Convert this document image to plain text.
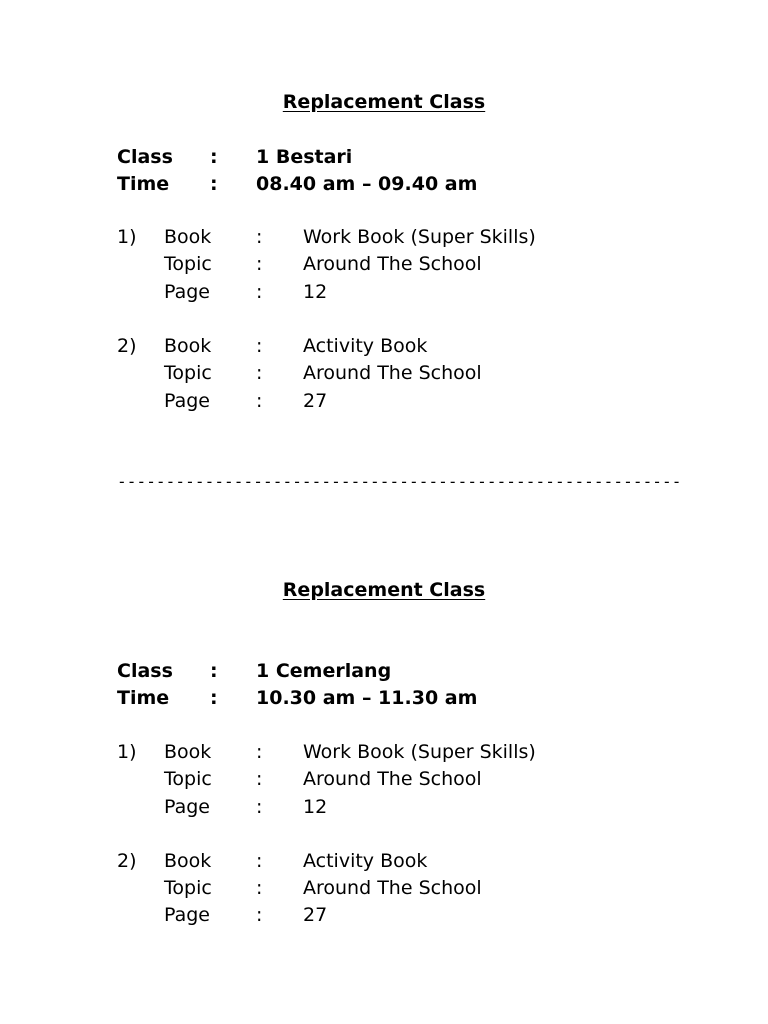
Replacement Class
Class : 1 Bestari
Time : 08.40 am – 09.40 am
1) Book : Work Book (Super Skills)
Topic : Around The School
Page : 12
2) Book : Activity Book
Topic : Around The School
Page : 27
----------------------------------------------------------
Replacement Class
Class : 1 Cemerlang
Time : 10.30 am – 11.30 am
1) Book : Work Book (Super Skills)
Topic : Around The School
Page : 12
2) Book : Activity Book
Topic : Around The School
Page : 27
